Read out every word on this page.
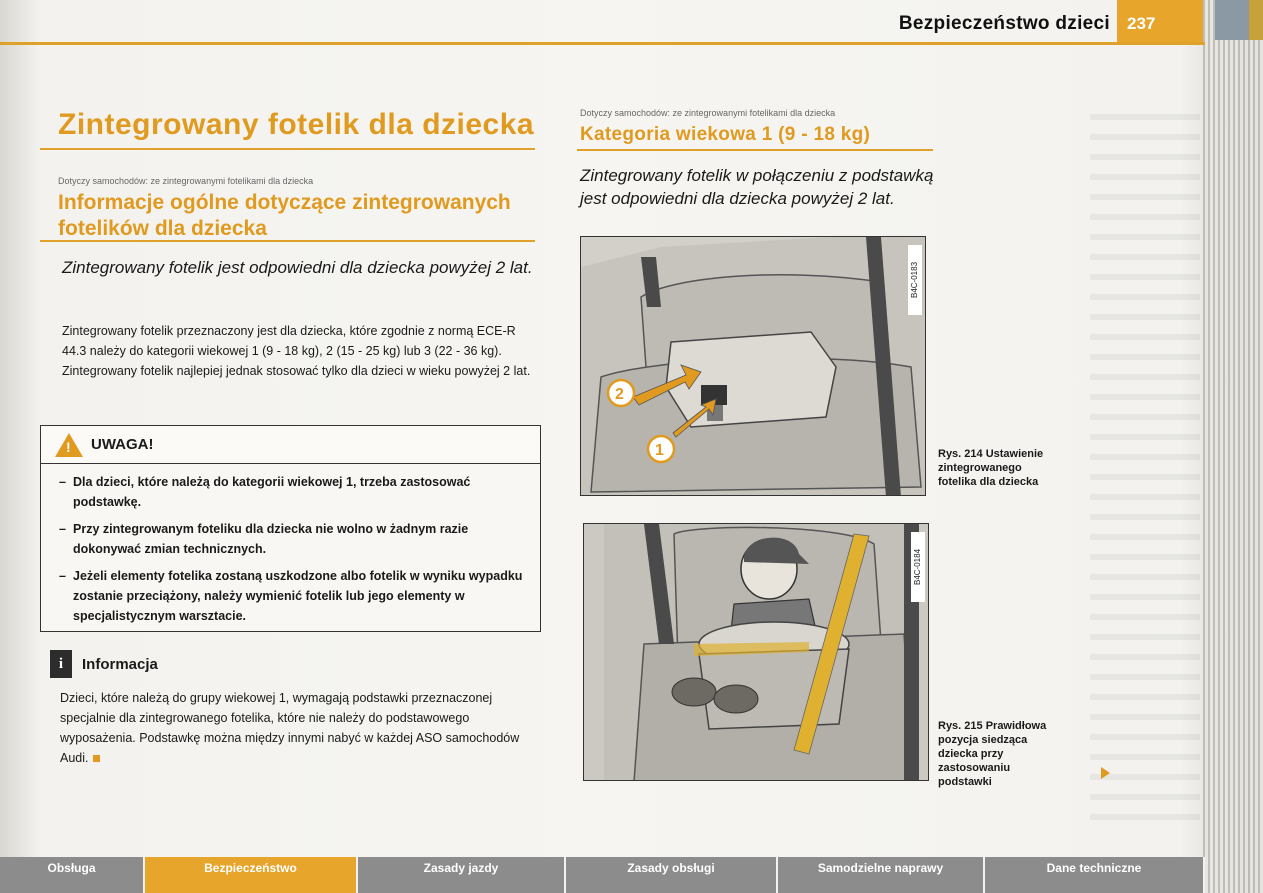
Bezpieczeństwo dzieci	237
Zintegrowany fotelik dla dziecka
Dotyczy samochodów: ze zintegrowanymi fotelikami dla dziecka
Informacje ogólne dotyczące zintegrowanych fotelików dla dziecka
Zintegrowany fotelik jest odpowiedni dla dziecka powyżej 2 lat.
Zintegrowany fotelik przeznaczony jest dla dziecka, które zgodnie z normą ECE-R 44.3 należy do kategorii wiekowej 1 (9 - 18 kg), 2 (15 - 25 kg) lub 3 (22 - 36 kg). Zintegrowany fotelik najlepiej jednak stosować tylko dla dzieci w wieku powyżej 2 lat.
! UWAGA!
– Dla dzieci, które należą do kategorii wiekowej 1, trzeba zastosować podstawkę.
– Przy zintegrowanym foteliku dla dziecka nie wolno w żadnym razie dokonywać zmian technicznych.
– Jeżeli elementy fotelika zostaną uszkodzone albo fotelik w wyniku wypadku zostanie przeciążony, należy wymienić fotelik lub jego elementy w specjalistycznym warsztacie.
i	Informacja
Dzieci, które należą do grupy wiekowej 1, wymagają podstawki przeznaczonej specjalnie dla zintegrowanego fotelika, które nie należy do podstawowego wyposażenia. Podstawkę można między innymi nabyć w każdej ASO samochodów Audi.
Dotyczy samochodów: ze zintegrowanymi fotelikami dla dziecka
Kategoria wiekowa 1 (9 - 18 kg)
Zintegrowany fotelik w połączeniu z podstawką jest odpowiedni dla dziecka powyżej 2 lat.
2
1
B4C-0183
Rys. 214 Ustawienie zintegrowanego fotelika dla dziecka
B4C-0184
Rys. 215 Prawidłowa pozycja siedząca dziecka przy zastosowaniu podstawki
Obsługa	Bezpieczeństwo	Zasady jazdy	Zasady obsługi	Samodzielne naprawy	Dane techniczne
